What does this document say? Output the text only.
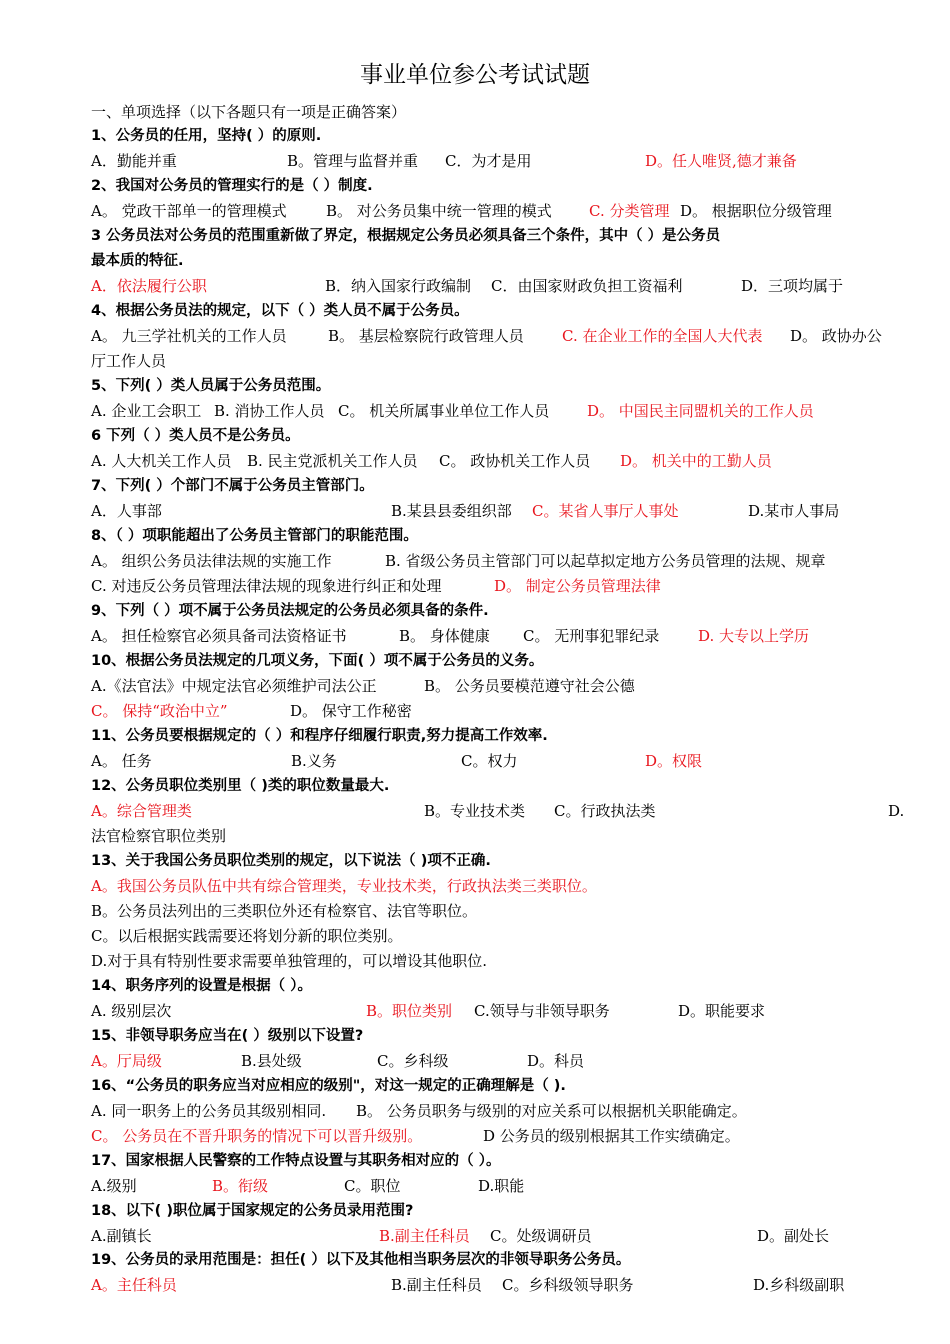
事业单位参公考试试题
一、单项选择（以下各题只有一项是正确答案）
1、公务员的任用，坚持( ）的原则.
A．勤能并重	B。管理与监督并重 C．为才是用	D。任人唯贤,德才兼备
2、我国对公务员的管理实行的是（ ）制度.
A。 党政干部单一的管理模式	B。 对公务员集中统一管理的模式 C. 分类管理 D。 根据职位分级管理
3 公务员法对公务员的范围重新做了界定，根据规定公务员必须具备三个条件，其中（ ）是公务员
最本质的特征.
A．依法履行公职	B．纳入国家行政编制 C．由国家财政负担工资福利	D．三项均属于
4、根据公务员法的规定，以下（ ）类人员不属于公务员。
A。 九三学社机关的工作人员	B。 基层检察院行政管理人员	C. 在企业工作的全国人大代表 D。 政协办公
厅工作人员
5、下列( ）类人员属于公务员范围。
A. 企业工会职工 B. 消协工作人员 C。 机关所属事业单位工作人员	D。 中国民主同盟机关的工作人员
6 下列（ ）类人员不是公务员。
A. 人大机关工作人员 B. 民主党派机关工作人员 C。 政协机关工作人员 D。 机关中的工勤人员
7、下列( ）个部门不属于公务员主管部门。
A．人事部	B.某县县委组织部 C。某省人事厅人事处	D.某市人事局
8、（ ）项职能超出了公务员主管部门的职能范围。
A。 组织公务员法律法规的实施工作	B. 省级公务员主管部门可以起草拟定地方公务员管理的法规、规章
C. 对违反公务员管理法律法规的现象进行纠正和处理	D。 制定公务员管理法律
9、下列（ ）项不属于公务员法规定的公务员必须具备的条件.
A。 担任检察官必须具备司法资格证书	B。 身体健康 C。 无刑事犯罪纪录	D. 大专以上学历
10、根据公务员法规定的几项义务，下面( ）项不属于公务员的义务。
A.《法官法》中规定法官必须维护司法公正	B。 公务员要模范遵守社会公德
C。 保持“政治中立”	D。 保守工作秘密
11、公务员要根据规定的（ ）和程序仔细履行职责,努力提高工作效率.
A。 任务	B.义务	C。权力	D。权限
12、公务员职位类别里（ )类的职位数量最大.
A。综合管理类	B。专业技术类 C。行政执法类	D.
法官检察官职位类别
13、关于我国公务员职位类别的规定，以下说法（ )项不正确.
A。我国公务员队伍中共有综合管理类，专业技术类，行政执法类三类职位。
B。公务员法列出的三类职位外还有检察官、法官等职位。
C。以后根据实践需要还将划分新的职位类别。
D.对于具有特别性要求需要单独管理的，可以增设其他职位.
14、职务序列的设置是根据（ ）。
A. 级别层次	B。职位类别 C.领导与非领导职务	D。职能要求
15、非领导职务应当在( ）级别以下设置?
A。厅局级	B.县处级	C。乡科级	D。科员
16、“公务员的职务应当对应相应的级别"，对这一规定的正确理解是（ ).
A. 同一职务上的公务员其级别相同. B。 公务员职务与级别的对应关系可以根据机关职能确定。
C。 公务员在不晋升职务的情况下可以晋升级别。	D 公务员的级别根据其工作实绩确定。
17、国家根据人民警察的工作特点设置与其职务相对应的（ ）。
A.级别	B。衔级	C。职位	D.职能
18、以下( )职位属于国家规定的公务员录用范围?
A.副镇长	B.副主任科员 C。处级调研员	D。副处长
19、公务员的录用范围是：担任( ）以下及其他相当职务层次的非领导职务公务员。
A。主任科员	B.副主任科员 C。乡科级领导职务	D.乡科级副职
